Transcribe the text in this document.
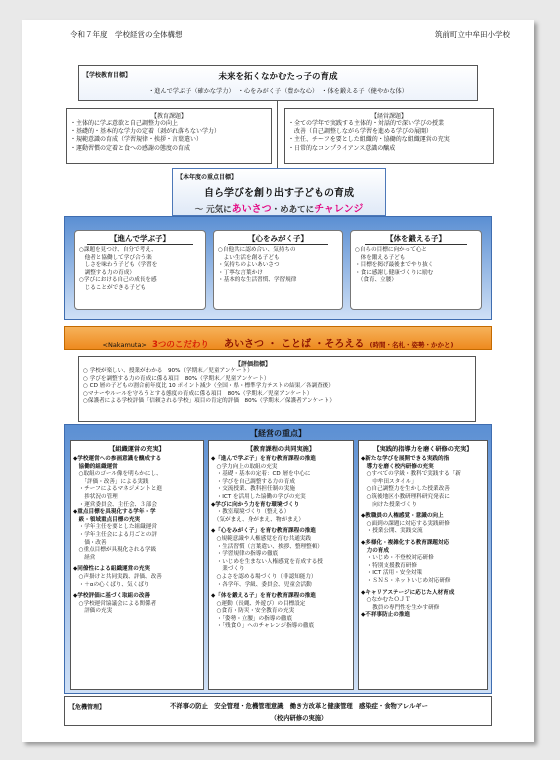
令和７年度　学校経営の全体構想	筑前町立中牟田小学校
【学校教育目標】	未来を拓くなかむたっ子の育成
・進んで学ぶ子（確かな学力）　・心をみがく子（豊かな心）　・体を鍛える子（健やかな体）
【教育課題】
・主体的に学ぶ意欲と自己調整力の向上
・基礎的・基本的な学力の定着（剥がれ落ちない学力）
・規範意識の育成（学習規律・挨拶・言葉遣い）
・運動習慣の定着と食への感謝の態度の育成
【経営課題】
・全ての学年で実践する主体的・対話的で深い学びの授業
　改善（自己調整しながら学習を進める学びの展開）
・主任、チーフを要とした組織的・協働的な組織運営の充実
・日常的なコンプライアンス意識の醸成
【本年度の重点目標】
自ら学びを創り出す子どもの育成
～ 元気にあいさつ・めあてにチャレンジ
【進んで学ぶ子】
○課題を見つけ、自分で考え、
　他者と協働して学び合う楽
　しさを味わう子ども（学習を
　調整する力の育成）
○学びにおける自己の成長を感
　じることができる子ども
【心をみがく子】
○自他共に認め合い、気持ちの
　よい生活を創る子ども
・気持ちのよいあいさつ
・丁寧な言葉かけ
・基本的な生活習慣、学習規律
【体を鍛える子】
○自らの目標に向かって心と
　体を鍛える子ども
・目標を掲げ最後までやり抜く
・食に感謝し健康づくりに励む
　（食育、立腰）
<Nakamuta> 3つのこだわり あいさつ ・ ことば ・そろえる (時間・名札・姿勢・かかと)
【評価指標】
○ 学校が楽しい、授業がわかる　90%（学期末／児童アンケート）
○ 学びを調整する力の育成に係る項目　80%（学期末／児童アンケート）
○ CD 層の子どもの割合前年度比 10 ポイント減少（全国・県・標準学力テストの結果／各調査後）
○マナーやルールを守ろうとする態度の育成に係る項目　80%（学期末／児童アンケート）
○保護者による学校評価「信頼される学校」項目の肯定的評価　80%（学期末／保護者アンケート）
【経営の重点】
【組織運営の充実】
◆学校運営への参画意識を醸成する
　協働的組織運営
　○取組のゴール像を明らかにし、
　　「評価・改善」による実践
　・チーフによるマネジメントと進
　　捗状況の管理
　・運営委員会、主任会、３部会
◆重点目標を具現化する学年・学
　級・領域重点目標の充実
　・学年主任を要とした組織運営
　・学年主任会による月ごとの評
　　価・改善
　○重点目標が具現化される学級
　　経営
◆同僚性による組織運営の充実
　○声掛けと共同実践、評価、改善
　・＋αの心くばり、気くばり
◆学校評価に基づく取組の改善
　○学校運営協議会による関係者
　　評価の充実
【教育課程の共同実施】
◆「進んで学ぶ子」を育む教育課程の推進
　○学力向上の取組の充実
　・基礎・基本の定着：CD 層を中心に
　・学びを自己調整する力の育成
　・交流授業、教科担任制の実施
　・ICT を活用した協働の学びの充実
◆学びに向かう力を育む環境づくり
　・教室環境づくり（整える）
　（気がまえ、身がまえ、物がまえ）
◆「心をみがく子」を育む教育課程の推進
　○規範意識や人権感覚を育む共通実践
　・生活習慣（言葉遣い、挨拶、整理整頓）
　・学習規律の指導の徹底
　・いじめを生まない人権感覚を育成する授
　　業づくり
　○よさを認める場づくり（非認知能力）
　・各学年、学級、委員会、児童会活動
◆「体を鍛える子」を育む教育課程の推進
　○運動（長縄、外遊び）の目標設定
　○食育・防災・安全教育の充実
　・「姿勢・立腰」の指導の徹底
　・「残食０」へのチャレンジ指導の徹底
【実践的指導力を磨く研修の充実】
◆新たな学びを展開できる実践的指
　導力を磨く校内研修の充実
　○すべての学級・教科で実践する「新
　　中牟田スタイル」
　○自己調整力を生かした授業改善
　○筑後地区小教研理科研究発表に
　　向けた授業づくり
◆教職員の人権感覚・意識の向上
　○面到の課題に対応する実践研修
　・授業公開、実践交流
◆多様化・複雑化する教育課題対応
　力の育成
　・いじめ・不登校対応研修
　・特別支援教育研修
　・ICT 活用・安全対策
　・ＳＮＳ・ネットいじめ対応研修
◆キャリアステージに応じた人材育成
　○なかむたＯＪＴ
　　教員の専門性を生かす研修
◆不祥事防止の推進
【危機管理】	不祥事の防止　安全管理・危機管理意識　働き方改革と健康管理　感染症・食物アレルギー
（校内研修の実施）
